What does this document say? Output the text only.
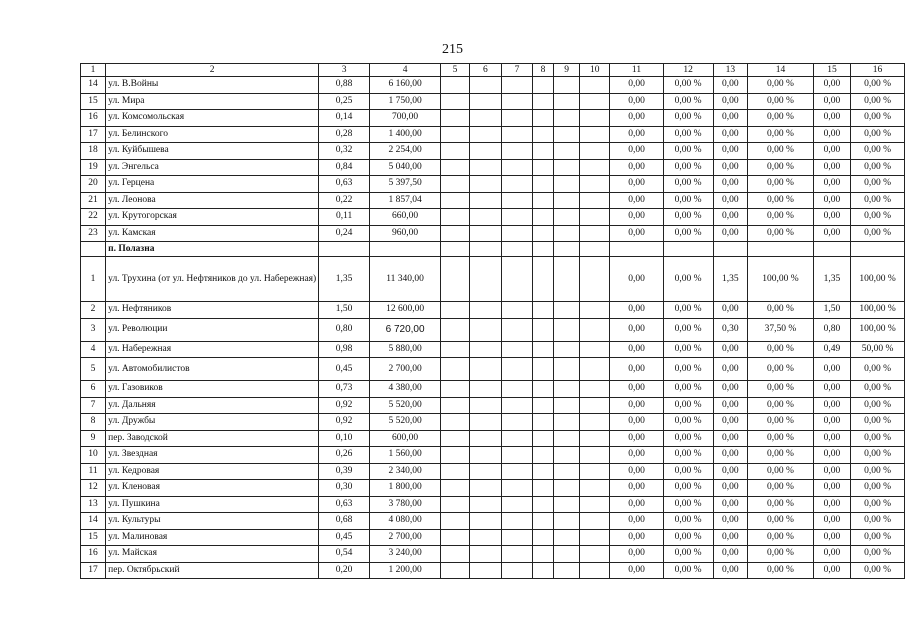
215
1	2	3	4	5	6	7	8	9	10	11	12	13	14	15	16
14	ул. В.Войны	0,88	6 160,00							0,00	0,00 %	0,00	0,00 %	0,00	0,00 %
15	ул. Мира	0,25	1 750,00							0,00	0,00 %	0,00	0,00 %	0,00	0,00 %
16	ул. Комсомольская	0,14	700,00							0,00	0,00 %	0,00	0,00 %	0,00	0,00 %
17	ул. Белинского	0,28	1 400,00							0,00	0,00 %	0,00	0,00 %	0,00	0,00 %
18	ул. Куйбышева	0,32	2 254,00							0,00	0,00 %	0,00	0,00 %	0,00	0,00 %
19	ул. Энгельса	0,84	5 040,00							0,00	0,00 %	0,00	0,00 %	0,00	0,00 %
20	ул. Герцена	0,63	5 397,50							0,00	0,00 %	0,00	0,00 %	0,00	0,00 %
21	ул. Леонова	0,22	1 857,04							0,00	0,00 %	0,00	0,00 %	0,00	0,00 %
22	ул. Крутогорская	0,11	660,00							0,00	0,00 %	0,00	0,00 %	0,00	0,00 %
23	ул. Камская	0,24	960,00							0,00	0,00 %	0,00	0,00 %	0,00	0,00 %
	п. Полазна														
1	ул. Трухина (от ул. Нефтяников до ул. Набережная)	1,35	11 340,00							0,00	0,00 %	1,35	100,00 %	1,35	100,00 %
2	ул. Нефтяников	1,50	12 600,00							0,00	0,00 %	0,00	0,00 %	1,50	100,00 %
3	ул. Революции	0,80	6 720,00							0,00	0,00 %	0,30	37,50 %	0,80	100,00 %
4	ул. Набережная	0,98	5 880,00							0,00	0,00 %	0,00	0,00 %	0,49	50,00 %
5	ул. Автомобилистов	0,45	2 700,00							0,00	0,00 %	0,00	0,00 %	0,00	0,00 %
6	ул. Газовиков	0,73	4 380,00							0,00	0,00 %	0,00	0,00 %	0,00	0,00 %
7	ул. Дальняя	0,92	5 520,00							0,00	0,00 %	0,00	0,00 %	0,00	0,00 %
8	ул. Дружбы	0,92	5 520,00							0,00	0,00 %	0,00	0,00 %	0,00	0,00 %
9	пер. Заводской	0,10	600,00							0,00	0,00 %	0,00	0,00 %	0,00	0,00 %
10	ул. Звездная	0,26	1 560,00							0,00	0,00 %	0,00	0,00 %	0,00	0,00 %
11	ул. Кедровая	0,39	2 340,00							0,00	0,00 %	0,00	0,00 %	0,00	0,00 %
12	ул. Кленовая	0,30	1 800,00							0,00	0,00 %	0,00	0,00 %	0,00	0,00 %
13	ул. Пушкина	0,63	3 780,00							0,00	0,00 %	0,00	0,00 %	0,00	0,00 %
14	ул. Культуры	0,68	4 080,00							0,00	0,00 %	0,00	0,00 %	0,00	0,00 %
15	ул. Малиновая	0,45	2 700,00							0,00	0,00 %	0,00	0,00 %	0,00	0,00 %
16	ул. Майская	0,54	3 240,00							0,00	0,00 %	0,00	0,00 %	0,00	0,00 %
17	пер. Октябрьский	0,20	1 200,00							0,00	0,00 %	0,00	0,00 %	0,00	0,00 %
